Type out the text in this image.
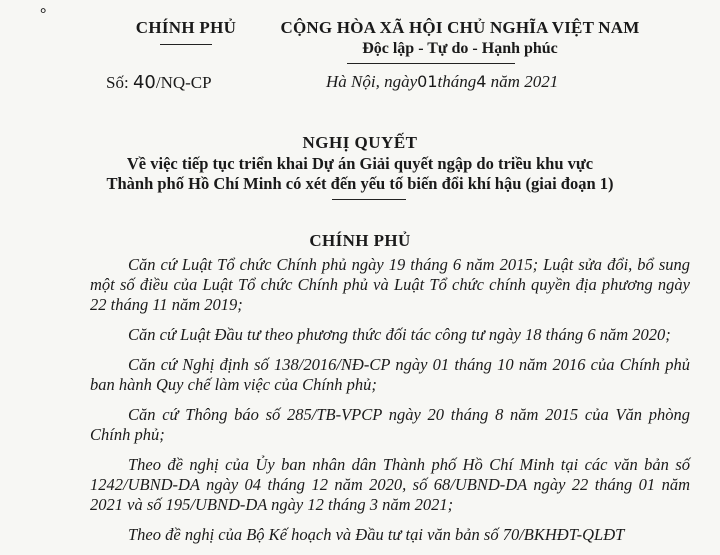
°
CHÍNH PHỦ	CỘNG HÒA XÃ HỘI CHỦ NGHĨA VIỆT NAM
Độc lập - Tự do - Hạnh phúc
Số: 40/NQ-CP	Hà Nội, ngày01tháng4 năm 2021
NGHỊ QUYẾT
Về việc tiếp tục triển khai Dự án Giải quyết ngập do triều khu vực
Thành phố Hồ Chí Minh có xét đến yếu tố biến đổi khí hậu (giai đoạn 1)
CHÍNH PHỦ

Căn cứ Luật Tổ chức Chính phủ ngày 19 tháng 6 năm 2015; Luật sửa đổi, bổ sung một số điều của Luật Tổ chức Chính phủ và Luật Tổ chức chính quyền địa phương ngày 22 tháng 11 năm 2019;

Căn cứ Luật Đầu tư theo phương thức đối tác công tư ngày 18 tháng 6 năm 2020;

Căn cứ Nghị định số 138/2016/NĐ-CP ngày 01 tháng 10 năm 2016 của Chính phủ ban hành Quy chế làm việc của Chính phủ;

Căn cứ Thông báo số 285/TB-VPCP ngày 20 tháng 8 năm 2015 của Văn phòng Chính phủ;

Theo đề nghị của Ủy ban nhân dân Thành phố Hồ Chí Minh tại các văn bản số 1242/UBND-DA ngày 04 tháng 12 năm 2020, số 68/UBND-DA ngày 22 tháng 01 năm 2021 và số 195/UBND-DA ngày 12 tháng 3 năm 2021;

Theo đề nghị của Bộ Kế hoạch và Đầu tư tại văn bản số 70/BKHĐT-QLĐT
